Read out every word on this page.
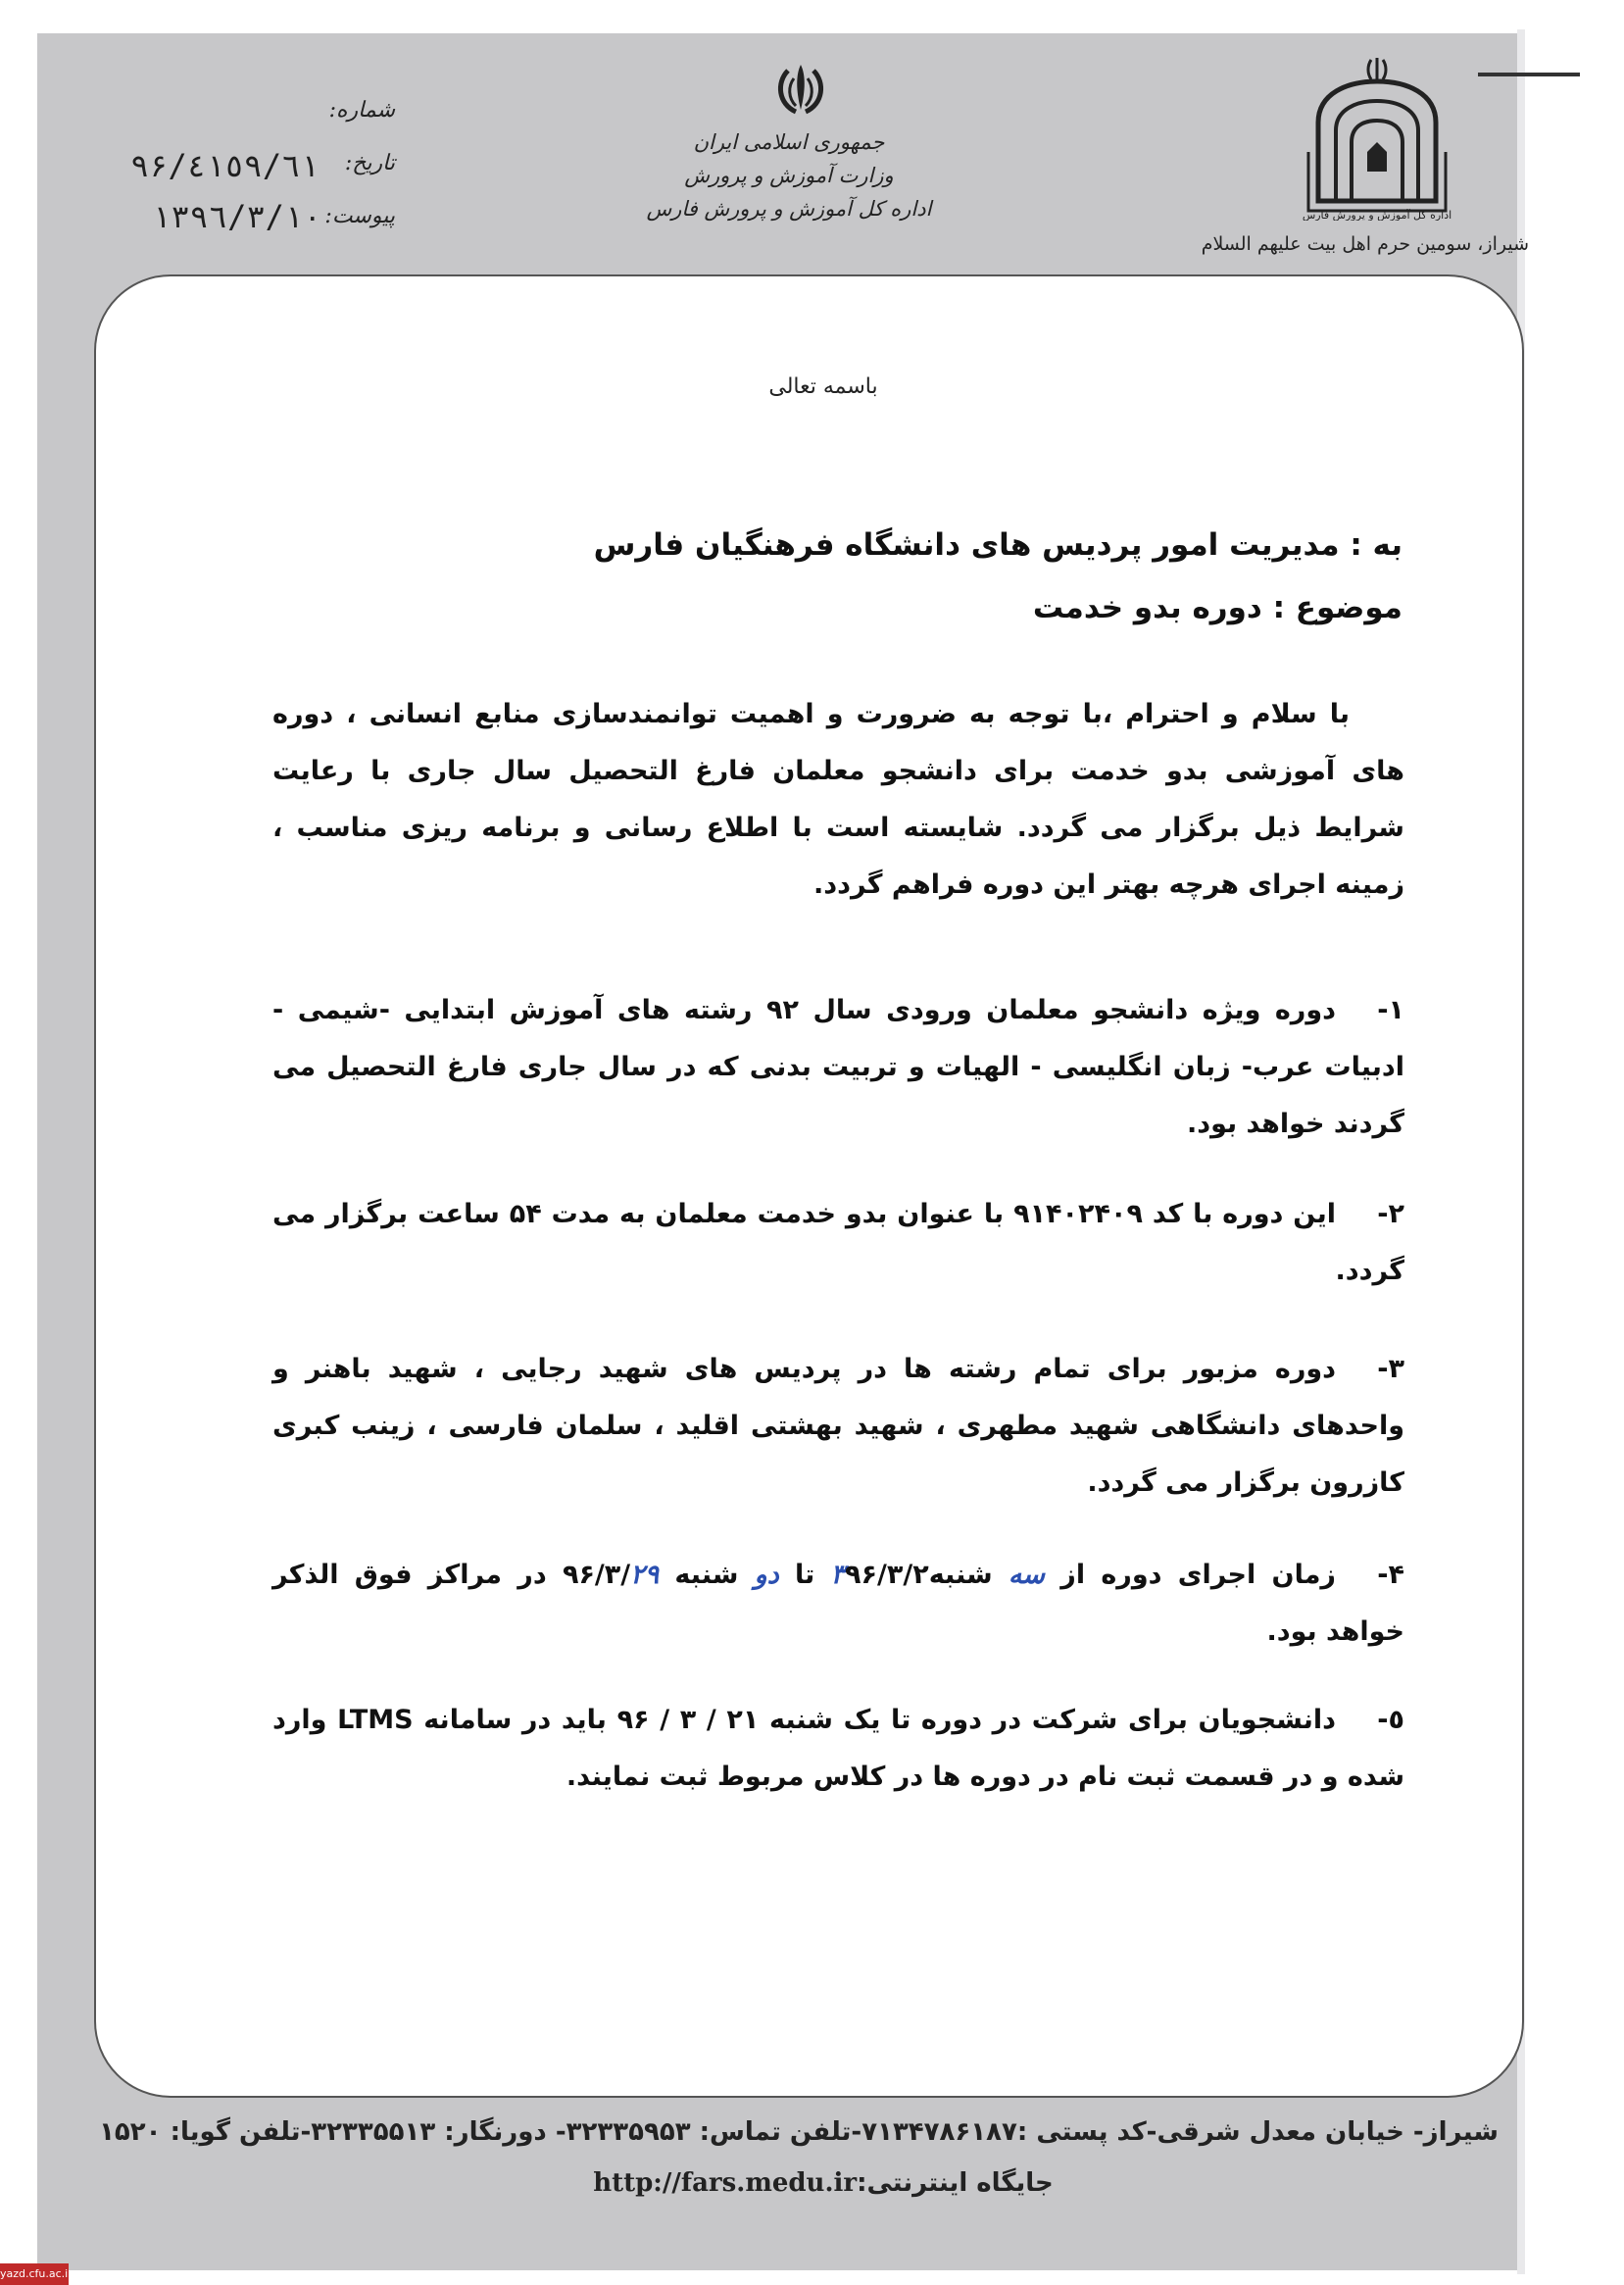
جمهوری اسلامی ایران
وزارت آموزش و پرورش
اداره کل آموزش و پرورش فارس	اداره کل آموزش و پرورش فارس
شیراز، سومین حرم اهل بیت علیهم السلام
شماره:
تاریخ:
پیوست:
۹۶/٤١٥٩/٦١
١٣٩٦/٣/١٠
باسمه تعالی
به : مدیریت امور پردیس های دانشگاه فرهنگیان فارس
موضوع : دوره بدو خدمت

با سلام و احترام ،با توجه به ضرورت و اهمیت توانمندسازی منابع انسانی ، دوره های آموزشی بدو خدمت برای دانشجو معلمان فارغ التحصیل سال جاری با رعایت شرایط ذیل برگزار می گردد. شایسته است با اطلاع رسانی و برنامه ریزی مناسب ، زمینه اجرای هرچه بهتر این دوره فراهم گردد.

١-دوره ویژه دانشجو معلمان ورودی سال ۹۲ رشته های آموزش ابتدایی -شیمی - ادبیات عرب- زبان انگلیسی - الهیات و تربیت بدنی که در سال جاری فارغ التحصیل می گردند خواهد بود.

٢-این دوره با کد ۹۱۴۰۲۴۰۹ با عنوان بدو خدمت معلمان به مدت ۵۴ ساعت برگزار می گردد.

٣-دوره مزبور برای تمام رشته ها در پردیس های شهید رجایی ، شهید باهنر و واحدهای دانشگاهی شهید مطهری ، شهید بهشتی اقلید ، سلمان فارسی ، زینب کبری کازرون برگزار می گردد.

۴-زمان اجرای دوره از سه شنبه۳۹۶/۳/۲ تا دو شنبه ۹۶/۳/۲۹ در مراکز فوق الذکر خواهد بود.

٥-دانشجویان برای شرکت در دوره تا یک شنبه ۲۱ / ۳ / ۹۶ باید در سامانه LTMS وارد شده و در قسمت ثبت نام در دوره ها در کلاس مربوط ثبت نمایند.

شیراز- خیابان معدل شرقی-کد پستی :۷۱۳۴۷۸۶۱۸۷-تلفن تماس: ۳۲۳۳۵۹۵۳- دورنگار: ۳۲۳۳۵۵۱۳-تلفن گویا: ۱۵۲۰
جایگاه اینترنتی:http://fars.medu.ir
yazd.cfu.ac.ir
